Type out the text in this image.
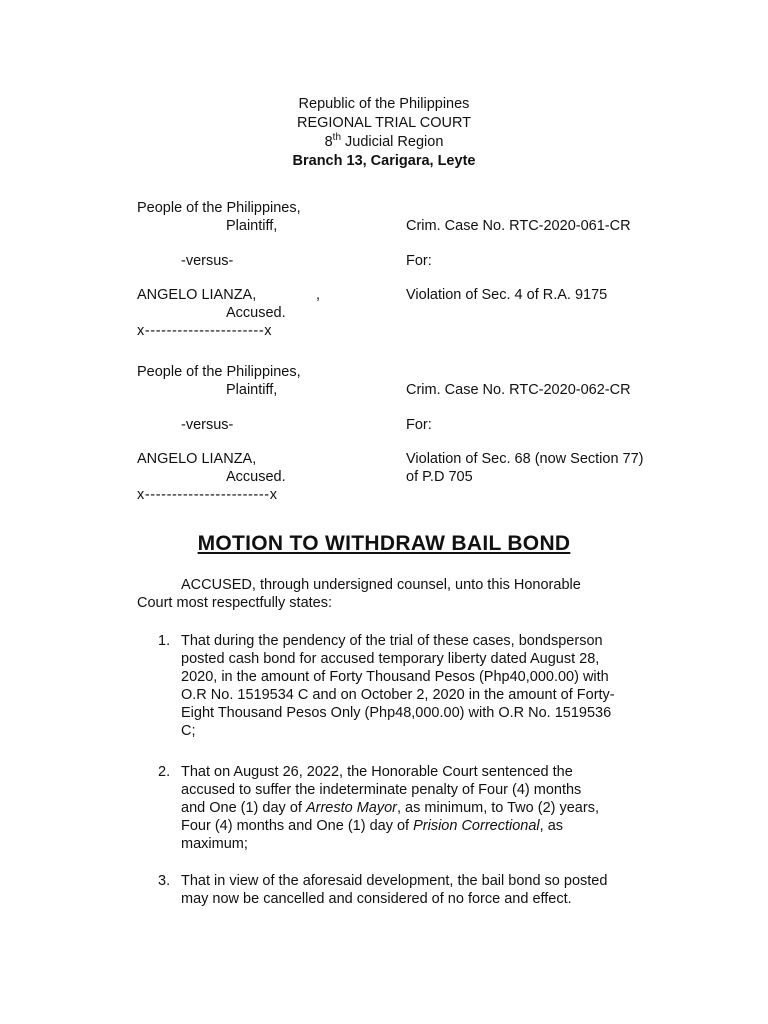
Republic of the Philippines
REGIONAL TRIAL COURT
8th Judicial Region
Branch 13, Carigara, Leyte
People of the Philippines,
Plaintiff,	Crim. Case No. RTC-2020-061-CR
-versus-	For:
ANGELO LIANZA,	,	Violation of Sec. 4 of R.A. 9175
Accused.
x----------------------x
People of the Philippines,
Plaintiff,	Crim. Case No. RTC-2020-062-CR
-versus-	For:
ANGELO LIANZA,	Violation of Sec. 68 (now Section 77)
Accused.	of P.D 705
x-----------------------x
MOTION TO WITHDRAW BAIL BOND
ACCUSED, through undersigned counsel, unto this Honorable
Court most respectfully states:
1. That during the pendency of the trial of these cases, bondsperson
posted cash bond for accused temporary liberty dated August 28,
2020, in the amount of Forty Thousand Pesos (Php40,000.00) with
O.R No. 1519534 C and on October 2, 2020 in the amount of Forty-
Eight Thousand Pesos Only (Php48,000.00) with O.R No. 1519536
C;
2. That on August 26, 2022, the Honorable Court sentenced the
accused to suffer the indeterminate penalty of Four (4) months
and One (1) day of Arresto Mayor, as minimum, to Two (2) years,
Four (4) months and One (1) day of Prision Correctional, as
maximum;
3. That in view of the aforesaid development, the bail bond so posted
may now be cancelled and considered of no force and effect.
